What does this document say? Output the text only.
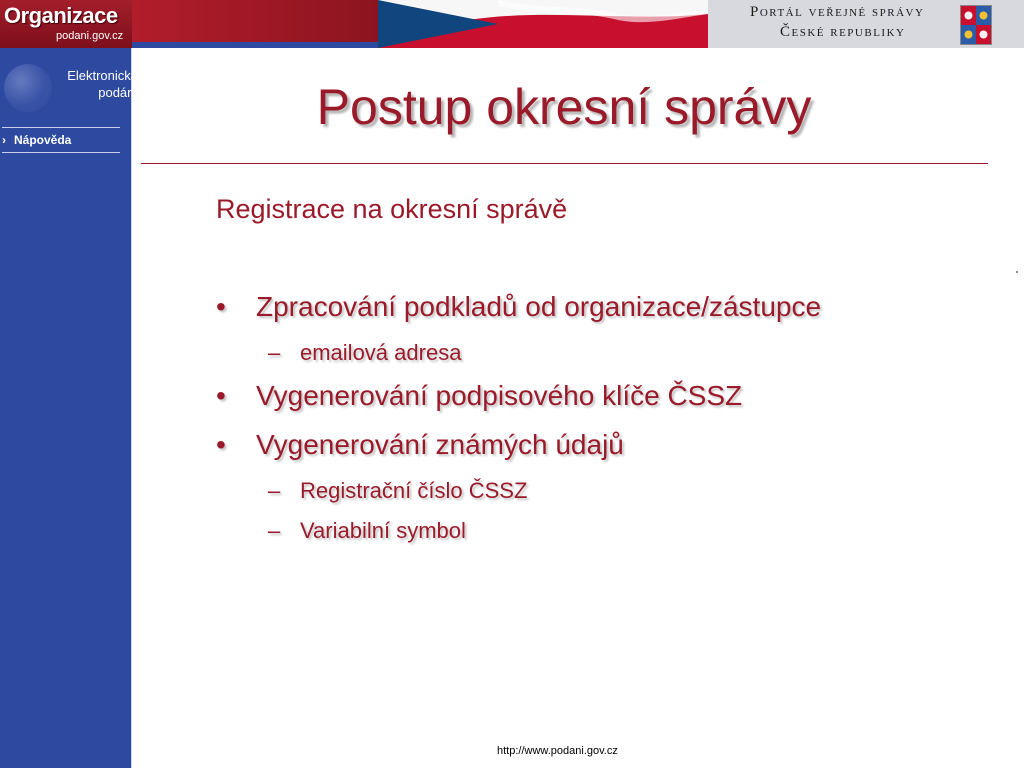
Organizace
podani.gov.cz
Portál veřejné správy
České republiky
Elektronická
podání
› Nápověda
Postup okresní správy
Registrace na okresní správě
• Zpracování podkladů od organizace/zástupce
– emailová adresa
• Vygenerování podpisového klíče ČSSZ
• Vygenerování známých údajů
– Registrační číslo ČSSZ
– Variabilní symbol
http://www.podani.gov.cz
